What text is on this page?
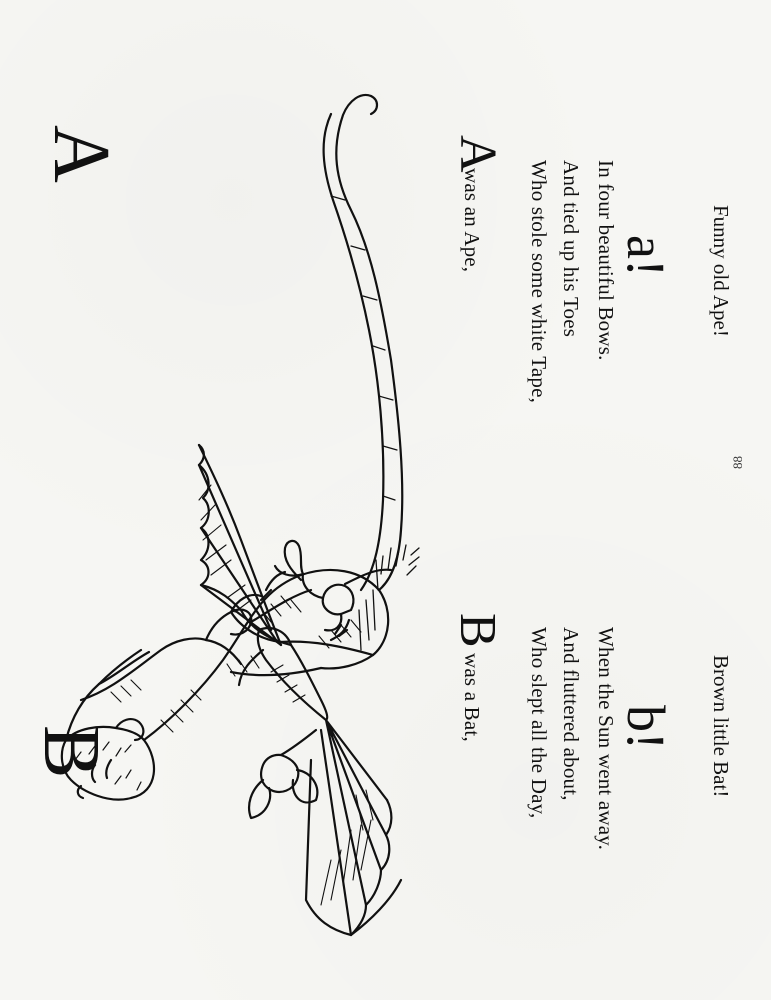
A	A
was an Ape, Who stole some white Tape, And tied up his Toes In four beautiful Bows.
a! Funny old Ape!
B
B
was a Bat, Who slept all the Day, And fluttered about, When the Sun went away.
b! Brown little Bat!
88
